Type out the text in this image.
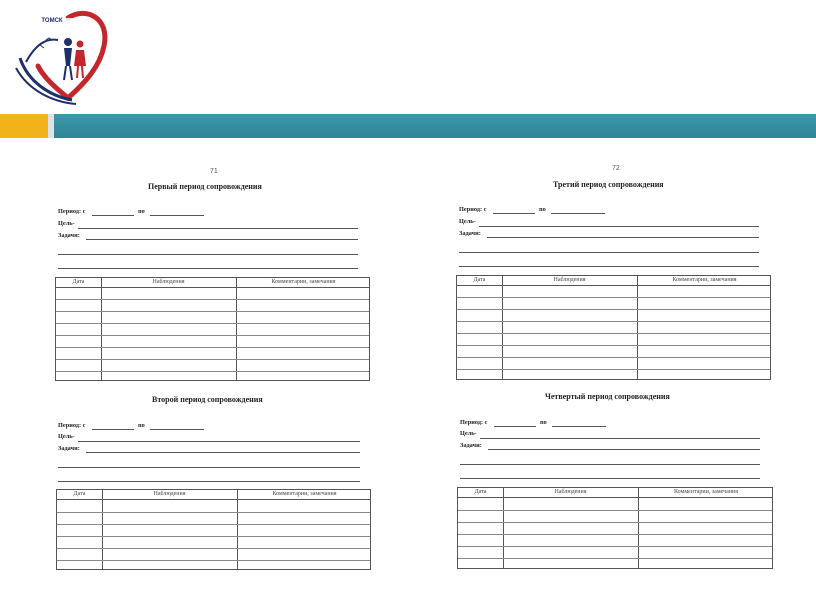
ТОМСК
71
Первый период сопровождения
Период: с	по
Цель-
Задачи:
Дата	Наблюдения	Комментарии, замечания
Второй период сопровождения
Период: с	по
Цель-
Задачи:
Дата	Наблюдения	Комментарии, замечания
72
Третий период сопровождения
Период: с	по
Цель-
Задачи:
Дата	Наблюдения	Комментарии, замечания
Четвертый период сопровождения
Период: с	по
Цель-
Задачи:
Дата	Наблюдения	Комментарии, замечания
